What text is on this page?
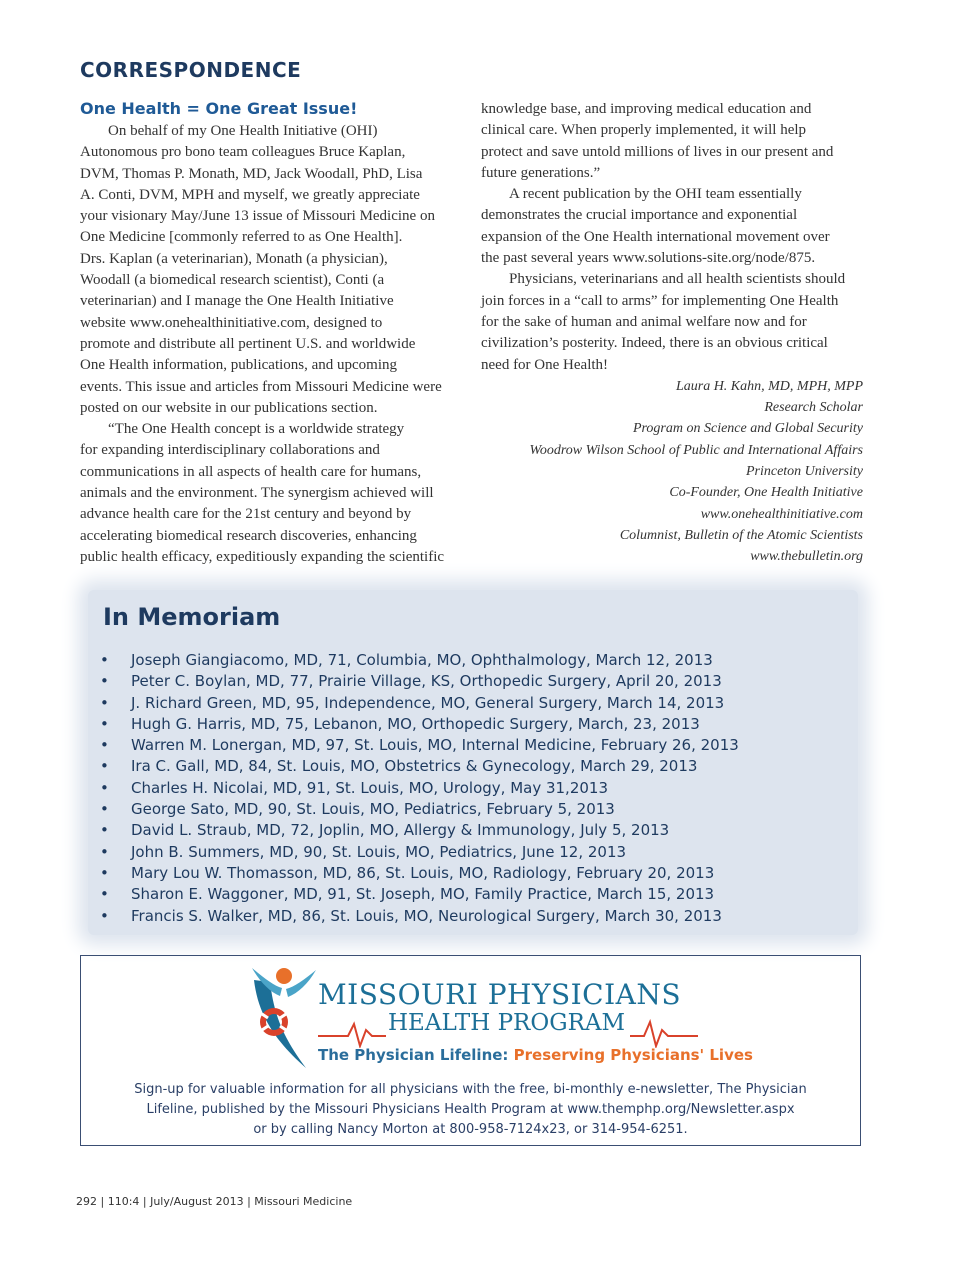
CORRESPONDENCE
One Health = One Great Issue!
On behalf of my One Health Initiative (OHI)
Autonomous pro bono team colleagues Bruce Kaplan,
DVM, Thomas P. Monath, MD, Jack Woodall, PhD, Lisa
A. Conti, DVM, MPH and myself, we greatly appreciate
your visionary May/June 13 issue of Missouri Medicine on
One Medicine [commonly referred to as One Health].
Drs. Kaplan (a veterinarian), Monath (a physician),
Woodall (a biomedical research scientist), Conti (a
veterinarian) and I manage the One Health Initiative
website www.onehealthinitiative.com, designed to
promote and distribute all pertinent U.S. and worldwide
One Health information, publications, and upcoming
events. This issue and articles from Missouri Medicine were
posted on our website in our publications section.
“The One Health concept is a worldwide strategy
for expanding interdisciplinary collaborations and
communications in all aspects of health care for humans,
animals and the environment. The synergism achieved will
advance health care for the 21st century and beyond by
accelerating biomedical research discoveries, enhancing
public health efficacy, expeditiously expanding the scientific
knowledge base, and improving medical education and
clinical care. When properly implemented, it will help
protect and save untold millions of lives in our present and
future generations.”
A recent publication by the OHI team essentially
demonstrates the crucial importance and exponential
expansion of the One Health international movement over
the past several years www.solutions-site.org/node/875.
Physicians, veterinarians and all health scientists should
join forces in a “call to arms” for implementing One Health
for the sake of human and animal welfare now and for
civilization’s posterity. Indeed, there is an obvious critical
need for One Health!
Laura H. Kahn, MD, MPH, MPP
Research Scholar
Program on Science and Global Security
Woodrow Wilson School of Public and International Affairs
Princeton University
Co-Founder, One Health Initiative
www.onehealthinitiative.com
Columnist, Bulletin of the Atomic Scientists
www.thebulletin.org
In Memoriam
• Joseph Giangiacomo, MD, 71, Columbia, MO, Ophthalmology, March 12, 2013
• Peter C. Boylan, MD, 77, Prairie Village, KS, Orthopedic Surgery, April 20, 2013
• J. Richard Green, MD, 95, Independence, MO, General Surgery, March 14, 2013
• Hugh G. Harris, MD, 75, Lebanon, MO, Orthopedic Surgery, March, 23, 2013
• Warren M. Lonergan, MD, 97, St. Louis, MO, Internal Medicine, February 26, 2013
• Ira C. Gall, MD, 84, St. Louis, MO, Obstetrics & Gynecology, March 29, 2013
• Charles H. Nicolai, MD, 91, St. Louis, MO, Urology, May 31,2013
• George Sato, MD, 90, St. Louis, MO, Pediatrics, February 5, 2013
• David L. Straub, MD, 72, Joplin, MO, Allergy & Immunology, July 5, 2013
• John B. Summers, MD, 90, St. Louis, MO, Pediatrics, June 12, 2013
• Mary Lou W. Thomasson, MD, 86, St. Louis, MO, Radiology, February 20, 2013
• Sharon E. Waggoner, MD, 91, St. Joseph, MO, Family Practice, March 15, 2013
• Francis S. Walker, MD, 86, St. Louis, MO, Neurological Surgery, March 30, 2013
MISSOURI PHYSICIANS
HEALTH PROGRAM
The Physician Lifeline: Preserving Physicians' Lives
Sign-up for valuable information for all physicians with the free, bi-monthly e-newsletter, The Physician
Lifeline, published by the Missouri Physicians Health Program at www.themphp.org/Newsletter.aspx
or by calling Nancy Morton at 800-958-7124x23, or 314-954-6251.
292 | 110:4 | July/August 2013 | Missouri Medicine
